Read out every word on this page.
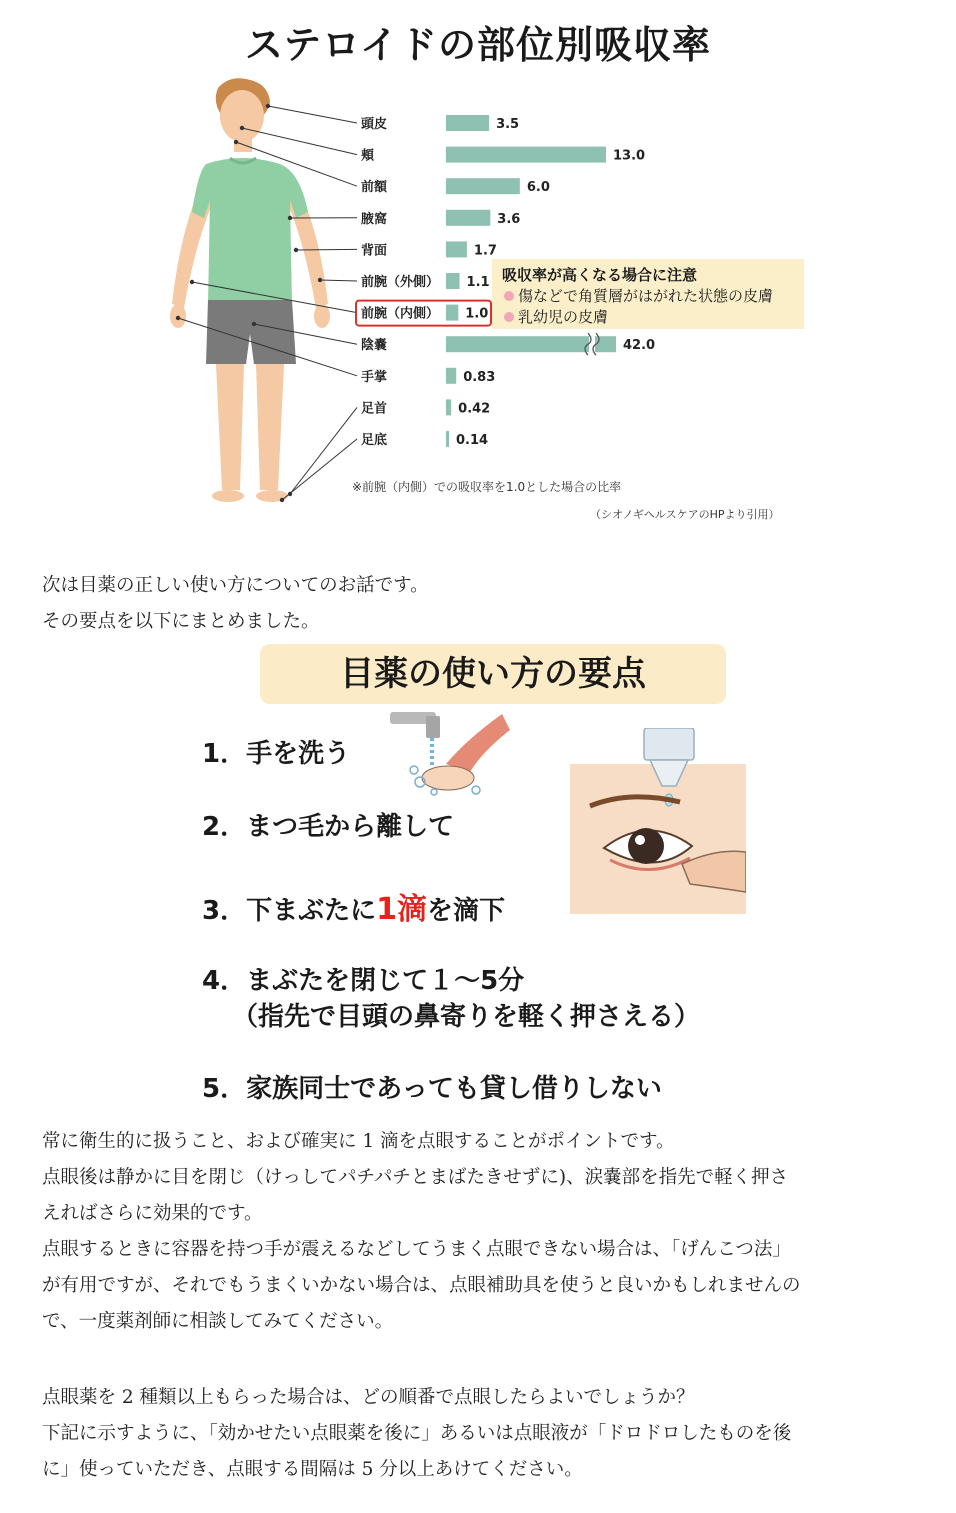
ステロイドの部位別吸収率
頭皮	3.5
頬	13.0
前額	6.0
腋窩	3.6
背面	1.7
前腕（外側） 1.1
前腕（内側） 1.0
陰嚢	42.0
手掌	0.83
足首	0.42
足底	0.14
吸収率が高くなる場合に注意
傷などで角質層がはがれた状態の皮膚
乳幼児の皮膚
※前腕（内側）での吸収率を1.0とした場合の比率
（シオノギヘルスケアのHPより引用）

次は目薬の正しい使い方についてのお話です。

その要点を以下にまとめました。

目薬の使い方の要点
1．手を洗う
2．まつ毛から離して
3．下まぶたに1滴を滴下
4．まぶたを閉じて１～5分
（指先で目頭の鼻寄りを軽く押さえる）
5．家族同士であっても貸し借りしない

常に衛生的に扱うこと、および確実に 1 滴を点眼することがポイントです。

点眼後は静かに目を閉じ（けっしてパチパチとまばたきせずに)、涙嚢部を指先で軽く押さ

えればさらに効果的です。

点眼するときに容器を持つ手が震えるなどしてうまく点眼できない場合は、「げんこつ法」

が有用ですが、それでもうまくいかない場合は、点眼補助具を使うと良いかもしれませんの

で、一度薬剤師に相談してみてください。

点眼薬を 2 種類以上もらった場合は、どの順番で点眼したらよいでしょうか？

下記に示すように、「効かせたい点眼薬を後に」あるいは点眼液が「ドロドロしたものを後

に」使っていただき、点眼する間隔は 5 分以上あけてください。
